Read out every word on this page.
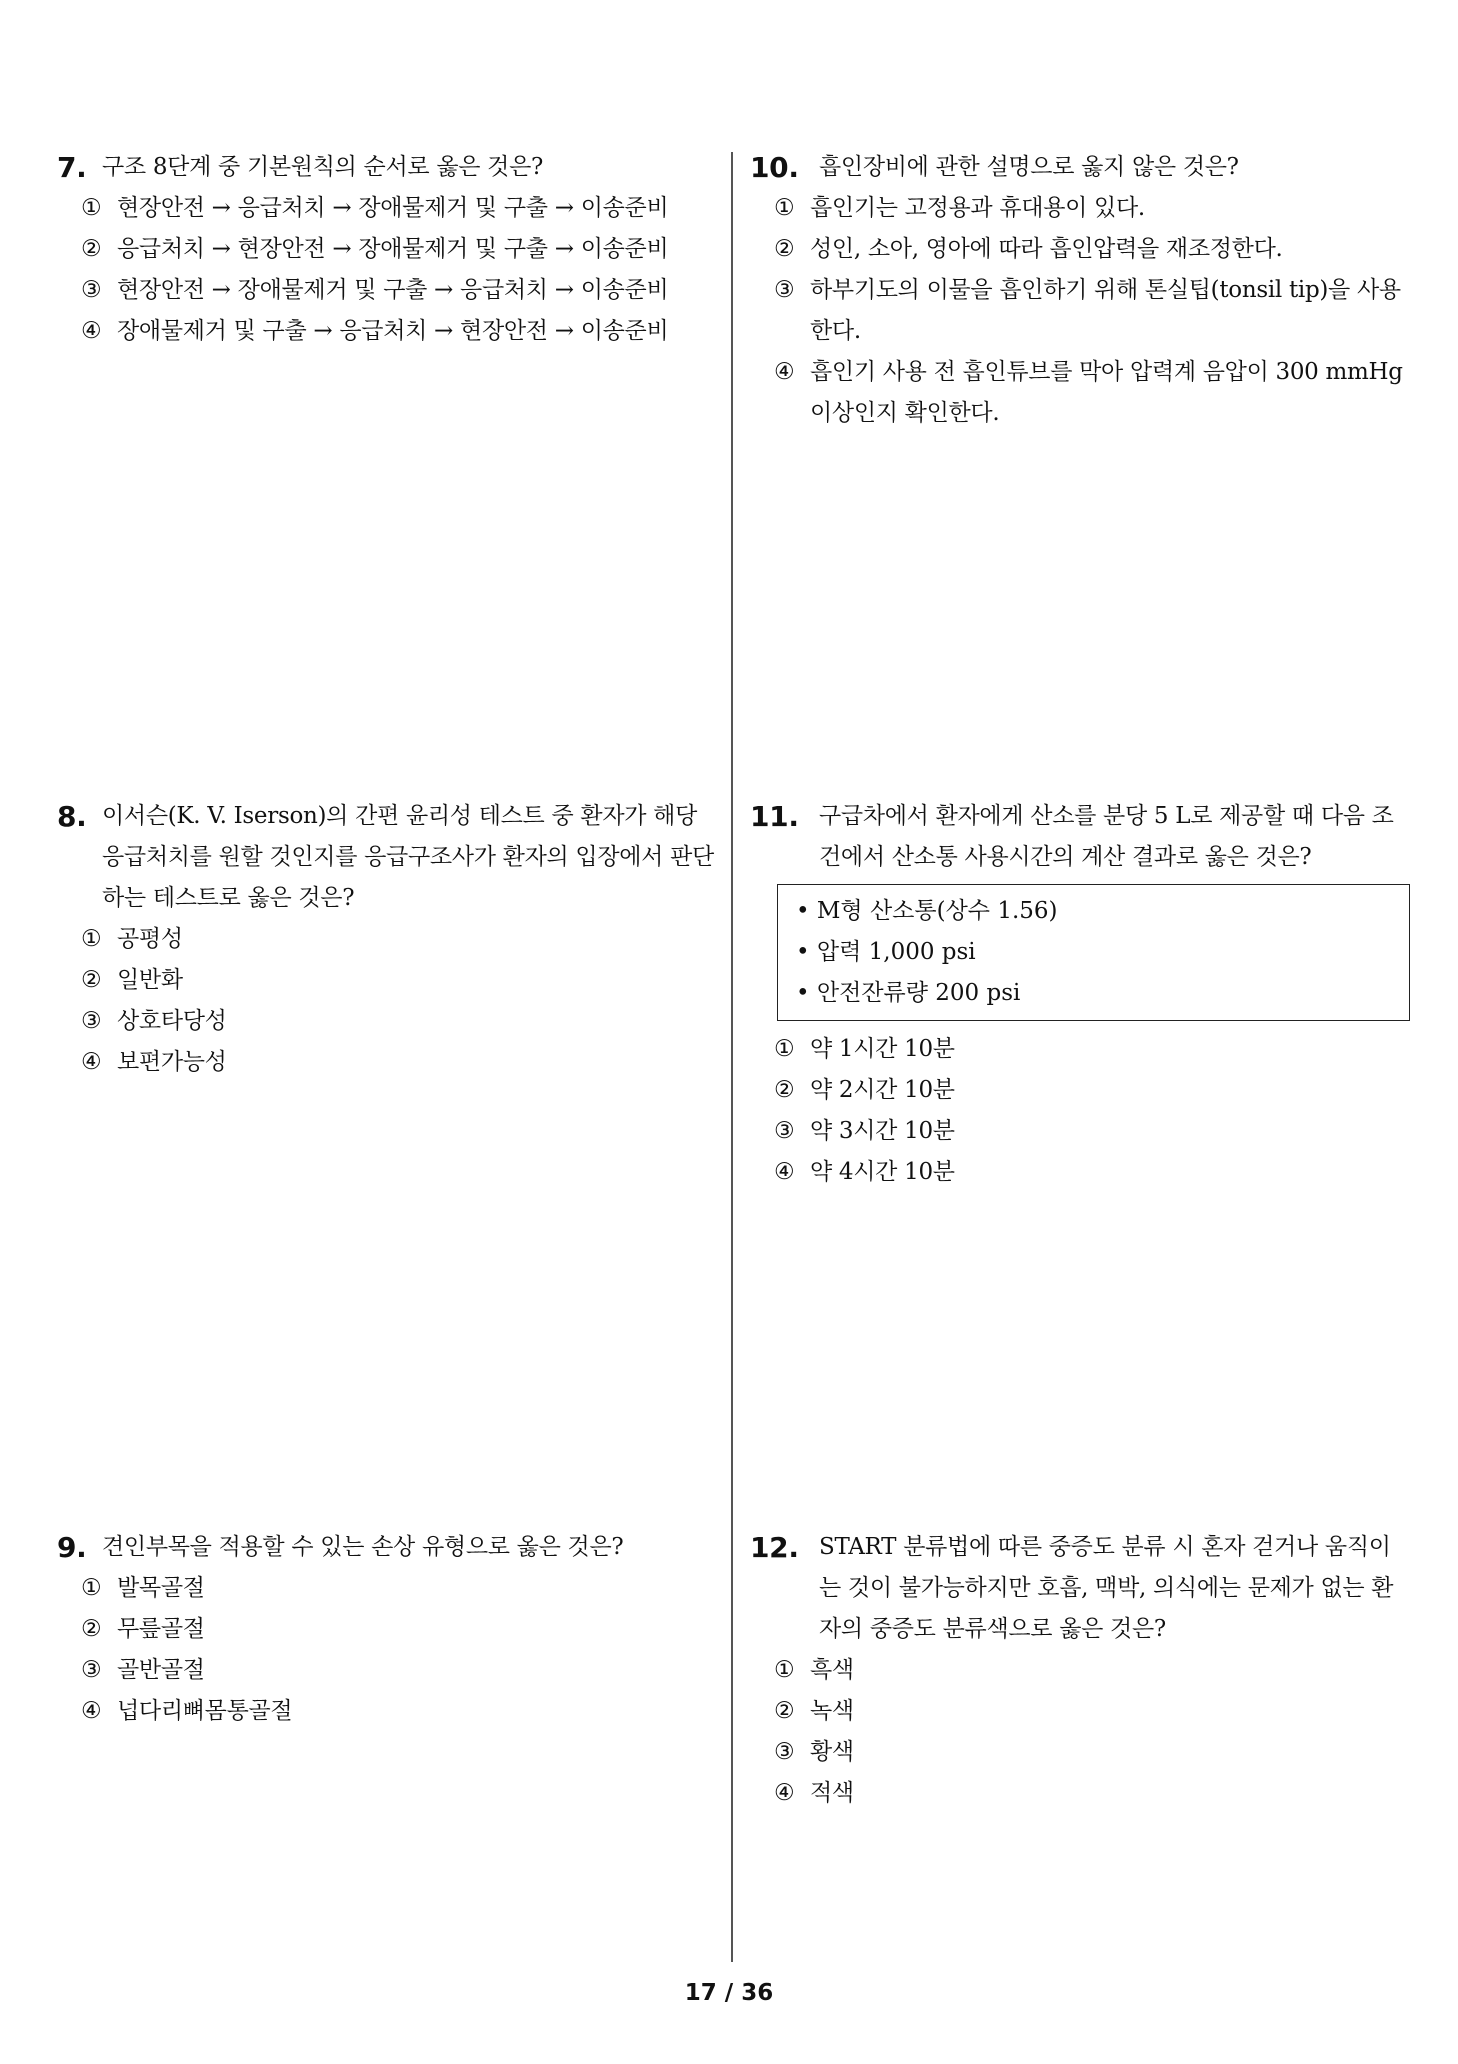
7. 구조 8단계 중 기본원칙의 순서로 옳은 것은?
① 현장안전 → 응급처치 → 장애물제거 및 구출 → 이송준비
② 응급처치 → 현장안전 → 장애물제거 및 구출 → 이송준비
③ 현장안전 → 장애물제거 및 구출 → 응급처치 → 이송준비
④ 장애물제거 및 구출 → 응급처치 → 현장안전 → 이송준비
8. 이서슨(K. V. Iserson)의 간편 윤리성 테스트 중 환자가 해당 응급처치를 원할 것인지를 응급구조사가 환자의 입장에서 판단하는 테스트로 옳은 것은?
① 공평성
② 일반화
③ 상호타당성
④ 보편가능성
9. 견인부목을 적용할 수 있는 손상 유형으로 옳은 것은?
① 발목골절
② 무릎골절
③ 골반골절
④ 넙다리뼈몸통골절
10. 흡인장비에 관한 설명으로 옳지 않은 것은?
① 흡인기는 고정용과 휴대용이 있다.
② 성인, 소아, 영아에 따라 흡인압력을 재조정한다.
③ 하부기도의 이물을 흡인하기 위해 톤실팁(tonsil tip)을 사용한다.
④ 흡인기 사용 전 흡인튜브를 막아 압력계 음압이 300 mmHg 이상인지 확인한다.
11. 구급차에서 환자에게 산소를 분당 5 L로 제공할 때 다음 조건에서 산소통 사용시간의 계산 결과로 옳은 것은?
• M형 산소통(상수 1.56)
• 압력 1,000 psi
• 안전잔류량 200 psi
① 약 1시간 10분
② 약 2시간 10분
③ 약 3시간 10분
④ 약 4시간 10분
12. START 분류법에 따른 중증도 분류 시 혼자 걷거나 움직이는 것이 불가능하지만 호흡, 맥박, 의식에는 문제가 없는 환자의 중증도 분류색으로 옳은 것은?
① 흑색
② 녹색
③ 황색
④ 적색
17 / 36
